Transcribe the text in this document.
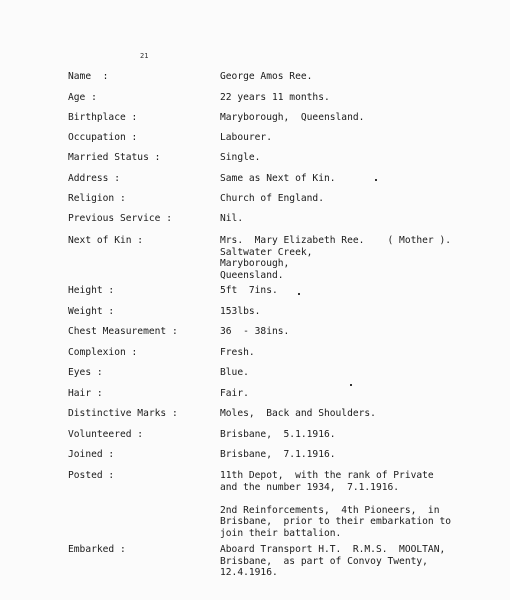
21
Name  :	George Amos Ree.
Age :	22 years 11 months.
Birthplace :	Maryborough,  Queensland.
Occupation :	Labourer.
Married Status :	Single.
Address :	Same as Next of Kin.
Religion :	Church of England.
Previous Service :	Nil.
Next of Kin :	Mrs.  Mary Elizabeth Ree.    ( Mother ).
Saltwater Creek,
Maryborough,
Queensland.
Height :	5ft  7ins.
Weight :	153lbs.
Chest Measurement :	36  - 38ins.
Complexion :	Fresh.
Eyes :	Blue.
Hair :	Fair.
Distinctive Marks :	Moles,  Back and Shoulders.
Volunteered :	Brisbane,  5.1.1916.
Joined :	Brisbane,  7.1.1916.
Posted :	11th Depot,  with the rank of Private
and the number 1934,  7.1.1916.

2nd Reinforcements,  4th Pioneers,  in
Brisbane,  prior to their embarkation to
join their battalion.
Embarked :	Aboard Transport H.T.  R.M.S.  MOOLTAN,
Brisbane,  as part of Convoy Twenty,
12.4.1916.
